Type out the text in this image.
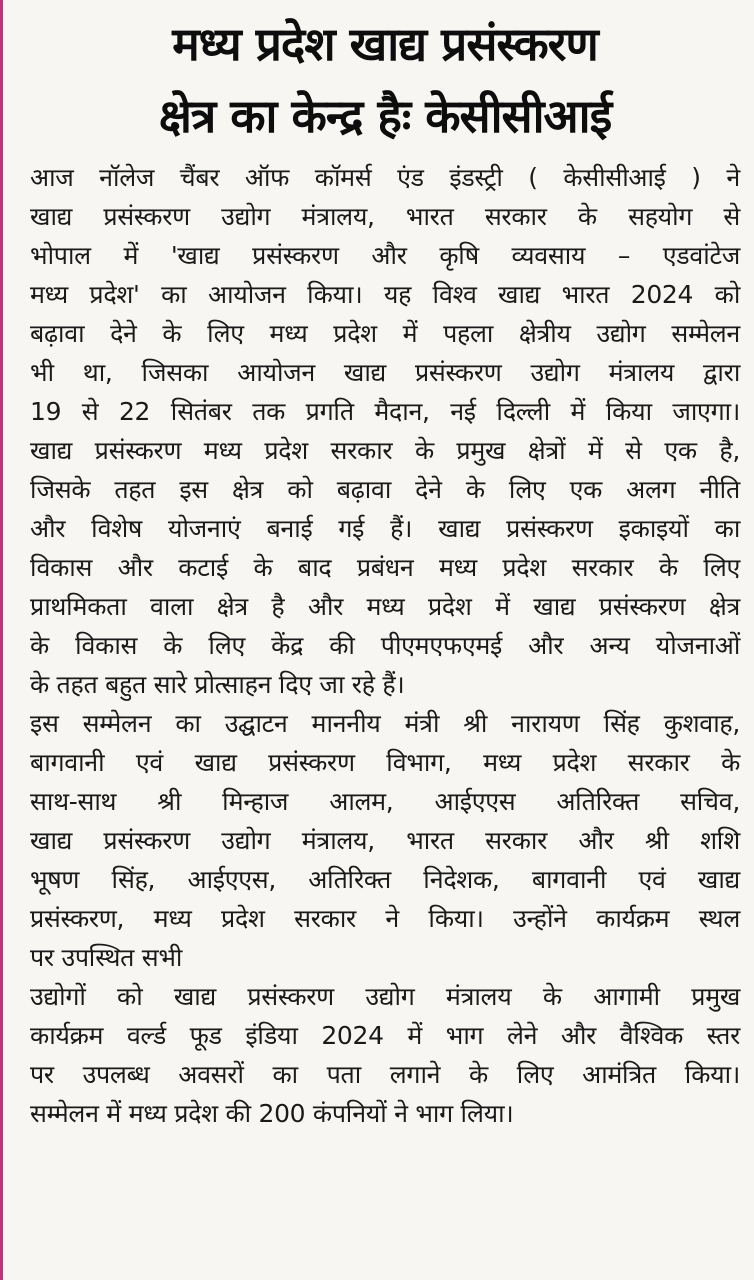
मध्य प्रदेश खाद्य प्रसंस्करण
क्षेत्र का केन्द्र हैः केसीसीआई
आज नॉलेज चैंबर ऑफ कॉमर्स एंड इंडस्ट्री ( केसीसीआई ) ने
खाद्य प्रसंस्करण उद्योग मंत्रालय, भारत सरकार के सहयोग से
भोपाल में 'खाद्य प्रसंस्करण और कृषि व्यवसाय – एडवांटेज
मध्य प्रदेश' का आयोजन किया। यह विश्व खाद्य भारत 2024 को
बढ़ावा देने के लिए मध्य प्रदेश में पहला क्षेत्रीय उद्योग सम्मेलन
भी था, जिसका आयोजन खाद्य प्रसंस्करण उद्योग मंत्रालय द्वारा
19 से 22 सितंबर तक प्रगति मैदान, नई दिल्ली में किया जाएगा।
खाद्य प्रसंस्करण मध्य प्रदेश सरकार के प्रमुख क्षेत्रों में से एक है,
जिसके तहत इस क्षेत्र को बढ़ावा देने के लिए एक अलग नीति
और विशेष योजनाएं बनाई गई हैं। खाद्य प्रसंस्करण इकाइयों का
विकास और कटाई के बाद प्रबंधन मध्य प्रदेश सरकार के लिए
प्राथमिकता वाला क्षेत्र है और मध्य प्रदेश में खाद्य प्रसंस्करण क्षेत्र
के विकास के लिए केंद्र की पीएमएफएमई और अन्य योजनाओं
के तहत बहुत सारे प्रोत्साहन दिए जा रहे हैं।
इस सम्मेलन का उद्घाटन माननीय मंत्री श्री नारायण सिंह कुशवाह,
बागवानी एवं खाद्य प्रसंस्करण विभाग, मध्य प्रदेश सरकार के
साथ-साथ श्री मिन्हाज आलम, आईएएस अतिरिक्त सचिव,
खाद्य प्रसंस्करण उद्योग मंत्रालय, भारत सरकार और श्री शशि
भूषण सिंह, आईएएस, अतिरिक्त निदेशक, बागवानी एवं खाद्य
प्रसंस्करण, मध्य प्रदेश सरकार ने किया। उन्होंने कार्यक्रम स्थल
पर उपस्थित सभी
उद्योगों को खाद्य प्रसंस्करण उद्योग मंत्रालय के आगामी प्रमुख
कार्यक्रम वर्ल्ड फूड इंडिया 2024 में भाग लेने और वैश्विक स्तर
पर उपलब्ध अवसरों का पता लगाने के लिए आमंत्रित किया।
सम्मेलन में मध्य प्रदेश की 200 कंपनियों ने भाग लिया।
